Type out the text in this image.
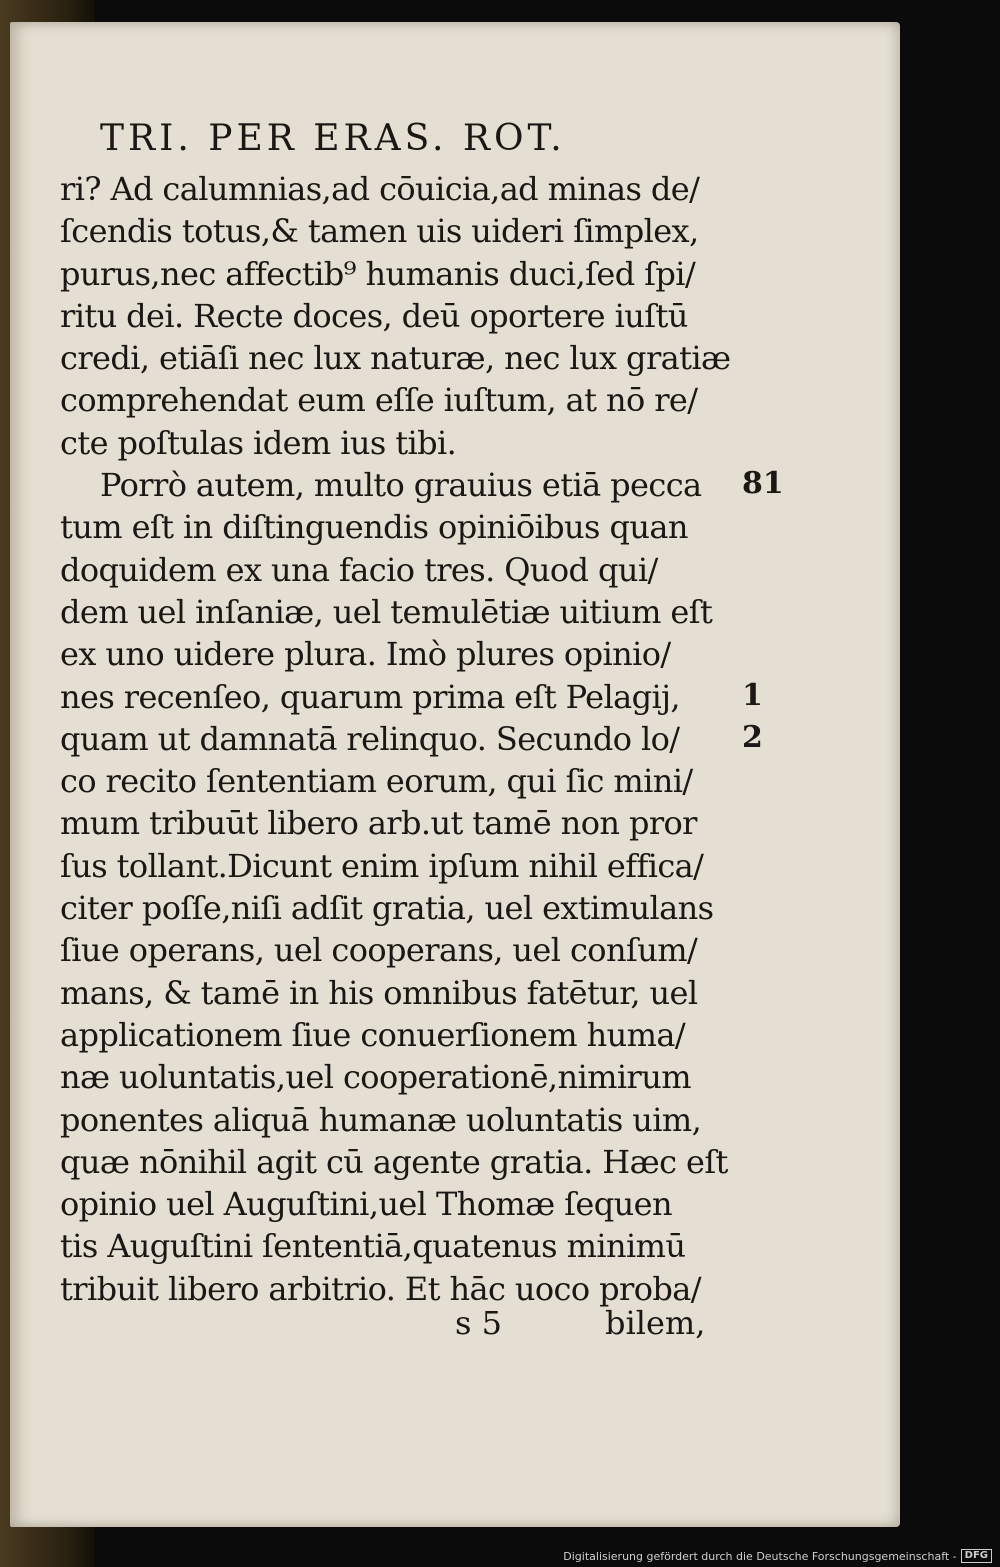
TRI. PER ERAS. ROT.
ri? Ad calumnias,ad cōuicia,ad minas de/
ſcendis totus,& tamen uis uideri ſimplex,
purus,nec affectib⁹ humanis duci,ſed ſpi/
ritu dei. Recte doces, deū oportere iuſtū
credi, etiāſi nec lux naturæ, nec lux gratiæ
comprehendat eum eſſe iuſtum, at nō re/
cte poſtulas idem ius tibi.
Porrò autem, multo grauius etiā pecca
tum eſt in diſtinguendis opiniōibus quan
doquidem ex una facio tres. Quod qui/
dem uel inſaniæ, uel temulētiæ uitium eſt
ex uno uidere plura. Imò plures opinio/
nes recenſeo, quarum prima eſt Pelagij,
quam ut damnatā relinquo. Secundo lo/
co recito ſententiam eorum, qui ſic mini/
mum tribuūt libero arb.ut tamē non pror
ſus tollant.Dicunt enim ipſum nihil effica/
citer poſſe,niſi adſit gratia, uel extimulans
ſiue operans, uel cooperans, uel conſum/
mans, & tamē in his omnibus fatētur, uel
applicationem ſiue conuerſionem huma/
næ uoluntatis,uel cooperationē,nimirum
ponentes aliquā humanæ uoluntatis uim,
quæ nōnihil agit cū agente gratia. Hæc eſt
opinio uel Auguſtini,uel Thomæ ſequen
tis Auguſtini ſententiā,quatenus minimū
tribuit libero arbitrio. Et hāc uoco proba/
81
1
2
s 5	bilem,
Digitalisierung gefördert durch die Deutsche Forschungsgemeinschaft - DFG
